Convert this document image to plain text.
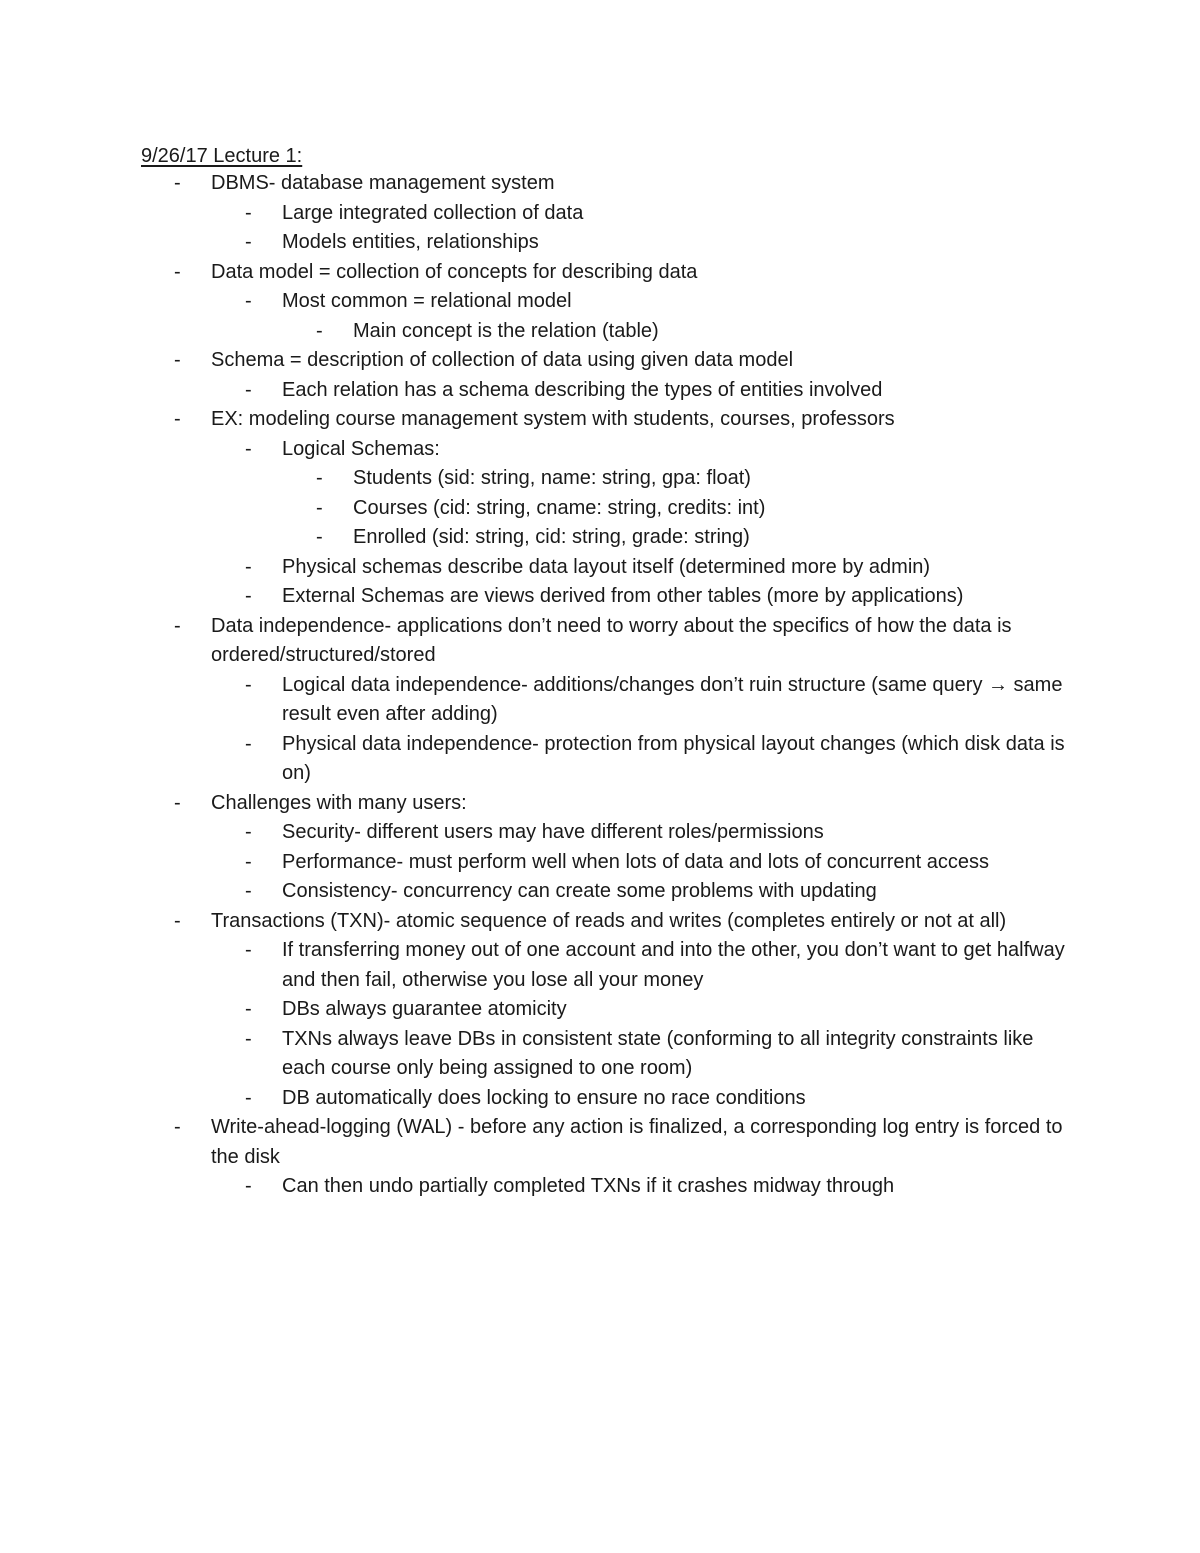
9/26/17 Lecture 1:
- DBMS- database management system
- Large integrated collection of data
- Models entities, relationships
- Data model = collection of concepts for describing data
- Most common = relational model
- Main concept is the relation (table)
- Schema = description of collection of data using given data model
- Each relation has a schema describing the types of entities involved
- EX: modeling course management system with students, courses, professors
- Logical Schemas:
- Students (sid: string, name: string, gpa: float)
- Courses (cid: string, cname: string, credits: int)
- Enrolled (sid: string, cid: string, grade: string)
- Physical schemas describe data layout itself (determined more by admin)
- External Schemas are views derived from other tables (more by applications)
- Data independence- applications don’t need to worry about the specifics of how the data is ordered/structured/stored
- Logical data independence- additions/changes don’t ruin structure (same query → same result even after adding)
- Physical data independence- protection from physical layout changes (which disk data is on)
- Challenges with many users:
- Security- different users may have different roles/permissions
- Performance- must perform well when lots of data and lots of concurrent access
- Consistency- concurrency can create some problems with updating
- Transactions (TXN)- atomic sequence of reads and writes (completes entirely or not at all)
- If transferring money out of one account and into the other, you don’t want to get halfway and then fail, otherwise you lose all your money
- DBs always guarantee atomicity
- TXNs always leave DBs in consistent state (conforming to all integrity constraints like each course only being assigned to one room)
- DB automatically does locking to ensure no race conditions
- Write-ahead-logging (WAL) - before any action is finalized, a corresponding log entry is forced to the disk
- Can then undo partially completed TXNs if it crashes midway through
